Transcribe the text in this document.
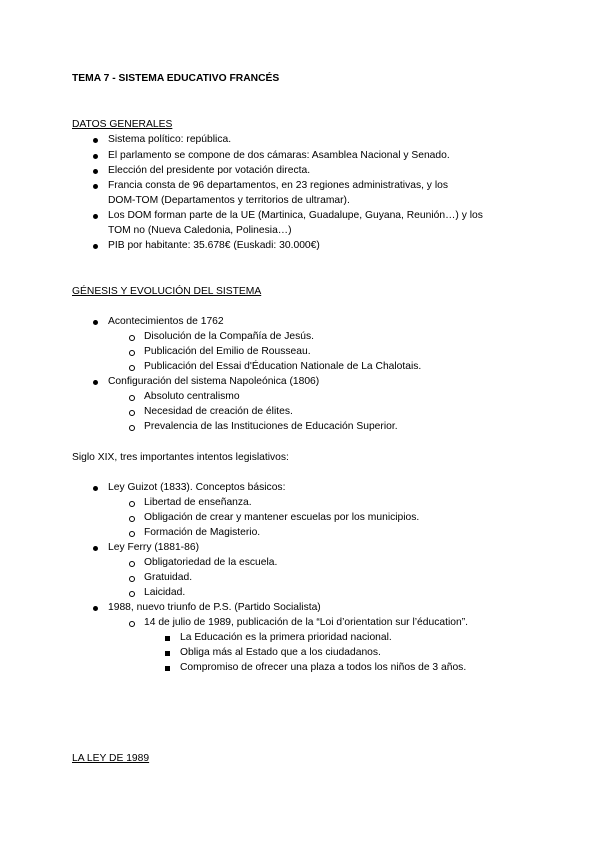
TEMA 7 - SISTEMA EDUCATIVO FRANCÉS
DATOS GENERALES
Sistema político: república.
El parlamento se compone de dos cámaras: Asamblea Nacional y Senado.
Elección del presidente por votación directa.
Francia consta de 96 departamentos, en 23 regiones administrativas, y los
DOM-TOM (Departamentos y territorios de ultramar).
Los DOM forman parte de la UE (Martinica, Guadalupe, Guyana, Reunión…) y los
TOM no (Nueva Caledonia, Polinesia…)
PIB por habitante: 35.678€ (Euskadi: 30.000€)
GÉNESIS Y EVOLUCIÓN DEL SISTEMA
Acontecimientos de 1762
Disolución de la Compañía de Jesús.
Publicación del Emilio de Rousseau.
Publicación del Essai d'Éducation Nationale de La Chalotais.
Configuración del sistema Napoleónica (1806)
Absoluto centralismo
Necesidad de creación de élites.
Prevalencia de las Instituciones de Educación Superior.
Siglo XIX, tres importantes intentos legislativos:
Ley Guizot (1833). Conceptos básicos:
Libertad de enseñanza.
Obligación de crear y mantener escuelas por los municipios.
Formación de Magisterio.
Ley Ferry (1881-86)
Obligatoriedad de la escuela.
Gratuidad.
Laicidad.
1988, nuevo triunfo de P.S. (Partido Socialista)
14 de julio de 1989, publicación de la “Loi d’orientation sur l’éducation”.
La Educación es la primera prioridad nacional.
Obliga más al Estado que a los ciudadanos.
Compromiso de ofrecer una plaza a todos los niños de 3 años.
LA LEY DE 1989
